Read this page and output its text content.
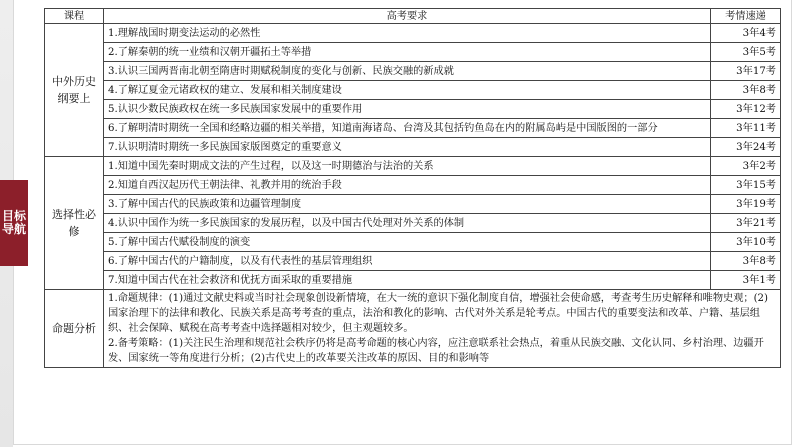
目标导航
课程	高考要求	考情速递
中外历史纲要上	1.理解战国时期变法运动的必然性	3年4考
	2.了解秦朝的统一业绩和汉朝开疆拓土等举措	3年5考
	3.认识三国两晋南北朝至隋唐时期赋税制度的变化与创新、民族交融的新成就	3年17考
	4.了解辽夏金元诸政权的建立、发展和相关制度建设	3年8考
	5.认识少数民族政权在统一多民族国家发展中的重要作用	3年12考
	6.了解明清时期统一全国和经略边疆的相关举措，知道南海诸岛、台湾及其包括钓鱼岛在内的附属岛屿是中国版图的一部分	3年11考
	7.认识明清时期统一多民族国家版图奠定的重要意义	3年24考
选择性必修	1.知道中国先秦时期成文法的产生过程，以及这一时期德治与法治的关系	3年2考
	2.知道自西汉起历代王朝法律、礼教并用的统治手段	3年15考
	3.了解中国古代的民族政策和边疆管理制度	3年19考
	4.认识中国作为统一多民族国家的发展历程，以及中国古代处理对外关系的体制	3年21考
	5.了解中国古代赋役制度的演变	3年10考
	6.了解中国古代的户籍制度，以及有代表性的基层管理组织	3年8考
	7.知道中国古代在社会救济和优抚方面采取的重要措施	3年1考
命题分析	1.命题规律：(1)通过文献史料或当时社会现象创设新情境，在大一统的意识下强化制度自信，增强社会使命感，考查考生历史解释和唯物史观；(2)国家治理下的法律和教化、民族关系是高考考查的重点，法治和教化的影响、古代对外关系是轮考点。中国古代的重要变法和改革、户籍、基层组织、社会保障、赋税在高考考查中选择题相对较少，但主观题较多。
2.备考策略：(1)关注民生治理和规范社会秩序仍将是高考命题的核心内容，应注意联系社会热点，着重从民族交融、文化认同、乡村治理、边疆开发、国家统一等角度进行分析；(2)古代史上的改革要关注改革的原因、目的和影响等	
